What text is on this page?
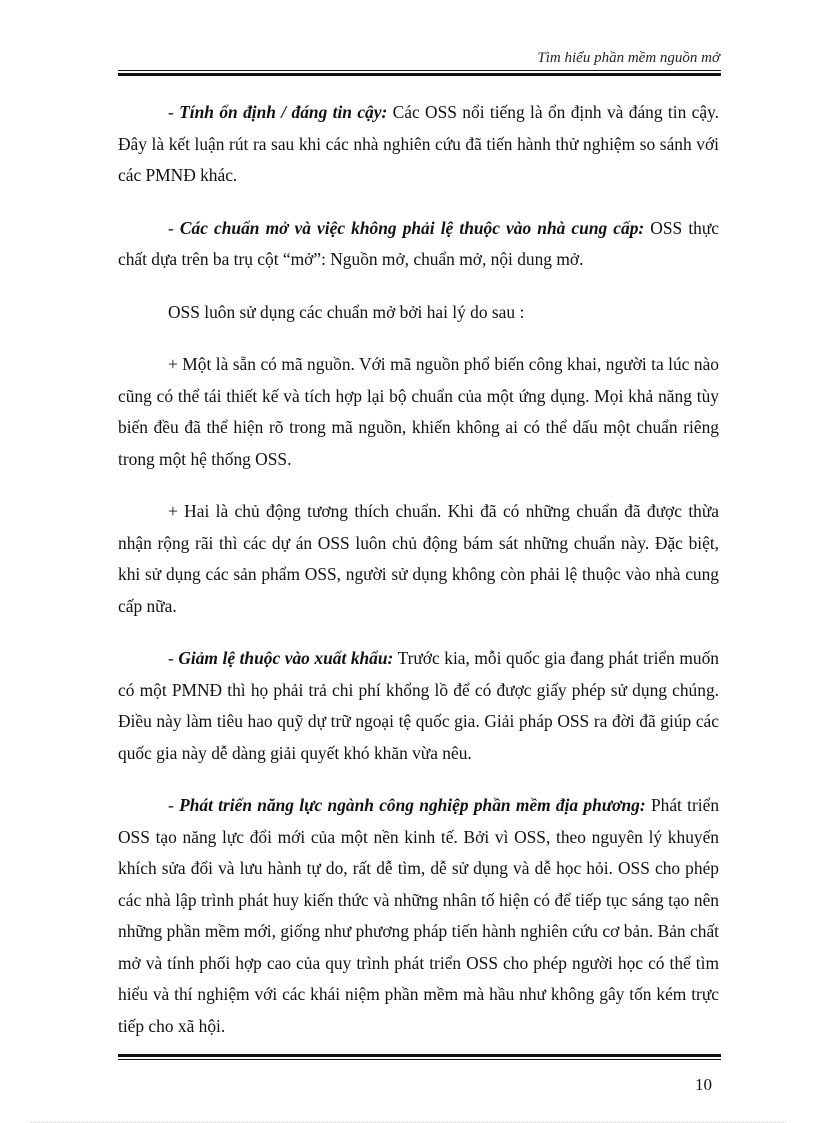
Tìm hiểu phần mềm nguồn mở

- Tính ổn định / đáng tin cậy: Các OSS nổi tiếng là ổn định và đáng tin cậy. Đây là kết luận rút ra sau khi các nhà nghiên cứu đã tiến hành thử nghiệm so sánh với các PMNĐ khác.

- Các chuẩn mở và việc không phải lệ thuộc vào nhà cung cấp: OSS thực chất dựa trên ba trụ cột “mở”: Nguồn mở, chuẩn mở, nội dung mở.

OSS luôn sử dụng các chuẩn mở bởi hai lý do sau :

+ Một là sẵn có mã nguồn. Với mã nguồn phổ biến công khai, người ta lúc nào cũng có thể tái thiết kế và tích hợp lại bộ chuẩn của một ứng dụng. Mọi khả năng tùy biến đều đã thể hiện rõ trong mã nguồn, khiến không ai có thể dấu một chuẩn riêng trong một hệ thống OSS.

+ Hai là chủ động tương thích chuẩn. Khi đã có những chuẩn đã được thừa nhận rộng rãi thì các dự án OSS luôn chủ động bám sát những chuẩn này. Đặc biệt, khi sử dụng các sản phẩm OSS, người sử dụng không còn phải lệ thuộc vào nhà cung cấp nữa.

- Giảm lệ thuộc vào xuất khẩu: Trước kia, mỗi quốc gia đang phát triển muốn có một PMNĐ thì họ phải trả chi phí khổng lồ để có được giấy phép sử dụng chúng. Điều này làm tiêu hao quỹ dự trữ ngoại tệ quốc gia. Giải pháp OSS ra đời đã giúp các quốc gia này dễ dàng giải quyết khó khăn vừa nêu.

- Phát triển năng lực ngành công nghiệp phần mềm địa phương: Phát triển OSS tạo năng lực đổi mới của một nền kinh tế. Bởi vì OSS, theo nguyên lý khuyến khích sửa đổi và lưu hành tự do, rất dễ tìm, dễ sử dụng và dễ học hỏi. OSS cho phép các nhà lập trình phát huy kiến thức và những nhân tố hiện có để tiếp tục sáng tạo nên những phần mềm mới, giống như phương pháp tiến hành nghiên cứu cơ bản. Bản chất mở và tính phối hợp cao của quy trình phát triển OSS cho phép người học có thể tìm hiểu và thí nghiệm với các khái niệm phần mềm mà hầu như không gây tốn kém trực tiếp cho xã hội.

10
